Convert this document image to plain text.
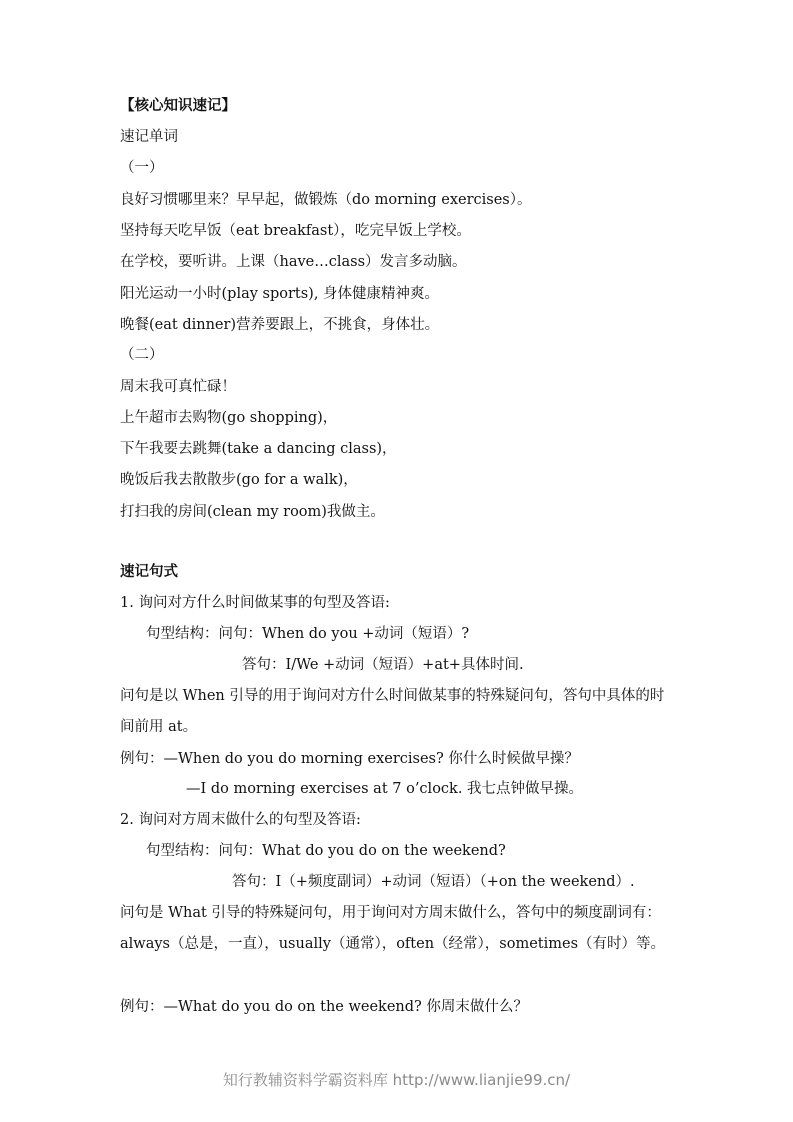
【核心知识速记】
速记单词
（一）
良好习惯哪里来？早早起，做锻炼（do morning exercises）。
坚持每天吃早饭（eat breakfast），吃完早饭上学校。
在学校，要听讲。上课（have…class）发言多动脑。
阳光运动一小时(play sports), 身体健康精神爽。
晚餐(eat dinner)营养要跟上，不挑食，身体壮。
（二）
周末我可真忙碌！
上午超市去购物(go shopping)，
下午我要去跳舞(take a dancing class)，
晚饭后我去散散步(go for a walk)，
打扫我的房间(clean my room)我做主。
速记句式
1. 询问对方什么时间做某事的句型及答语:
句型结构：问句：When do you +动词（短语）?
答句：I/We +动词（短语）+at+具体时间.
问句是以 When 引导的用于询问对方什么时间做某事的特殊疑问句，答句中具体的时间前用 at。
例句：—When do you do morning exercises? 你什么时候做早操？
—I do morning exercises at 7 o’clock. 我七点钟做早操。
2. 询问对方周末做什么的句型及答语:
句型结构：问句：What do you do on the weekend?
答句：I（+频度副词）+动词（短语）（+on the weekend）.
问句是 What 引导的特殊疑问句，用于询问对方周末做什么，答句中的频度副词有：always（总是，一直），usually（通常），often（经常），sometimes（有时）等。
例句：—What do you do on the weekend? 你周末做什么？
知行教辅资料学霸资料库 http://www.lianjie99.cn/
